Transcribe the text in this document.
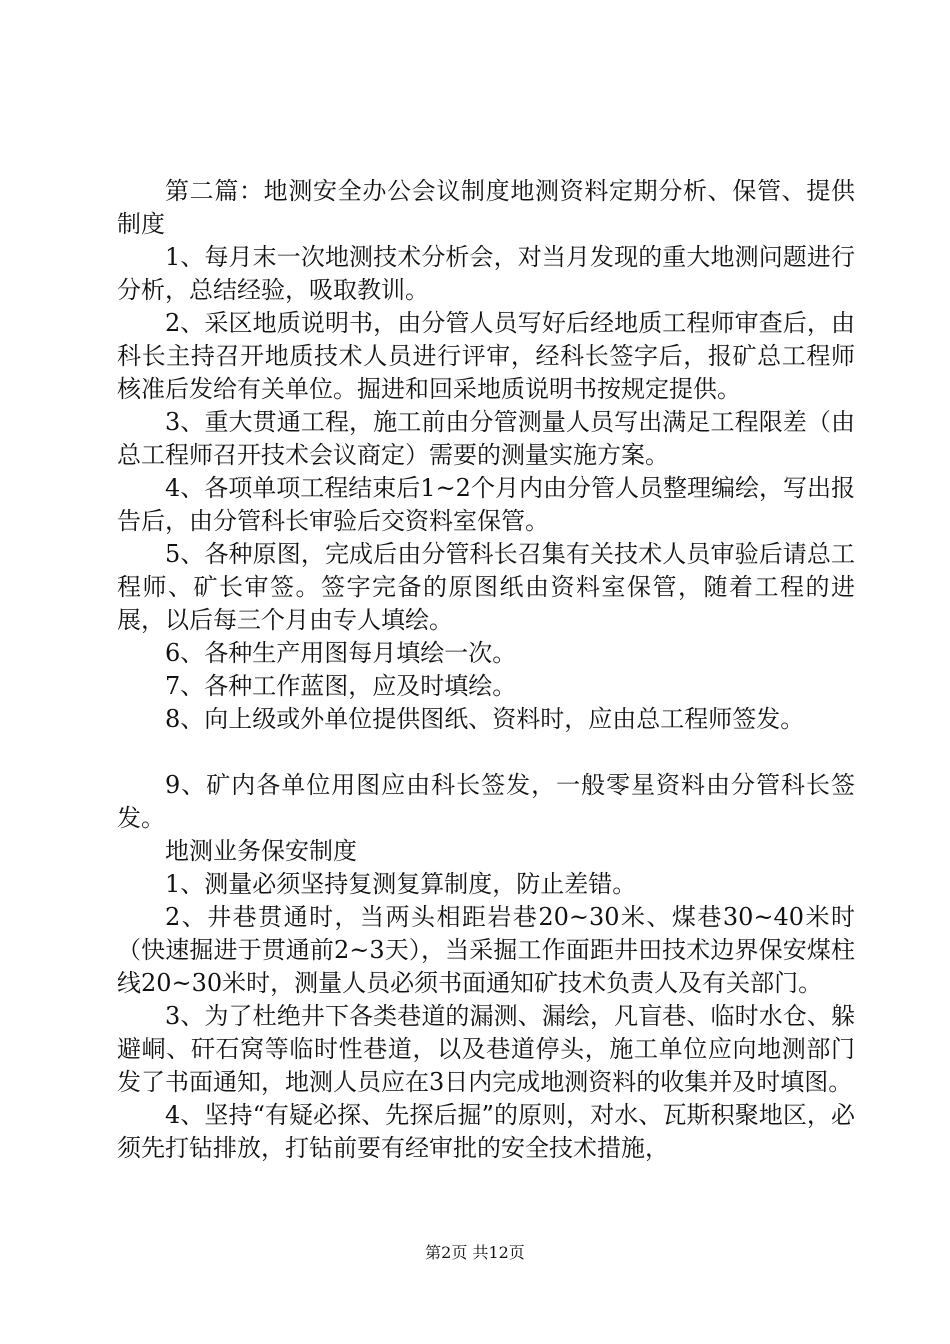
第二篇：地测安全办公会议制度地测资料定期分析、保管、提供制度

1、每月末一次地测技术分析会，对当月发现的重大地测问题进行分析，总结经验，吸取教训。

2、采区地质说明书，由分管人员写好后经地质工程师审查后，由科长主持召开地质技术人员进行评审，经科长签字后，报矿总工程师核准后发给有关单位。掘进和回采地质说明书按规定提供。

3、重大贯通工程，施工前由分管测量人员写出满足工程限差（由总工程师召开技术会议商定）需要的测量实施方案。

4、各项单项工程结束后1~2个月内由分管人员整理编绘，写出报告后，由分管科长审验后交资料室保管。

5、各种原图，完成后由分管科长召集有关技术人员审验后请总工程师、矿长审签。签字完备的原图纸由资料室保管，随着工程的进展，以后每三个月由专人填绘。

6、各种生产用图每月填绘一次。

7、各种工作蓝图，应及时填绘。

8、向上级或外单位提供图纸、资料时，应由总工程师签发。

9、矿内各单位用图应由科长签发，一般零星资料由分管科长签发。

地测业务保安制度

1、测量必须坚持复测复算制度，防止差错。

2、井巷贯通时，当两头相距岩巷20~30米、煤巷30~40米时（快速掘进于贯通前2~3天），当采掘工作面距井田技术边界保安煤柱线20~30米时，测量人员必须书面通知矿技术负责人及有关部门。

3、为了杜绝井下各类巷道的漏测、漏绘，凡盲巷、临时水仓、躲避峒、矸石窝等临时性巷道，以及巷道停头，施工单位应向地测部门发了书面通知，地测人员应在3日内完成地测资料的收集并及时填图。

4、坚持“有疑必探、先探后掘”的原则，对水、瓦斯积聚地区，必须先打钻排放，打钻前要有经审批的安全技术措施，

第2页 共12页
